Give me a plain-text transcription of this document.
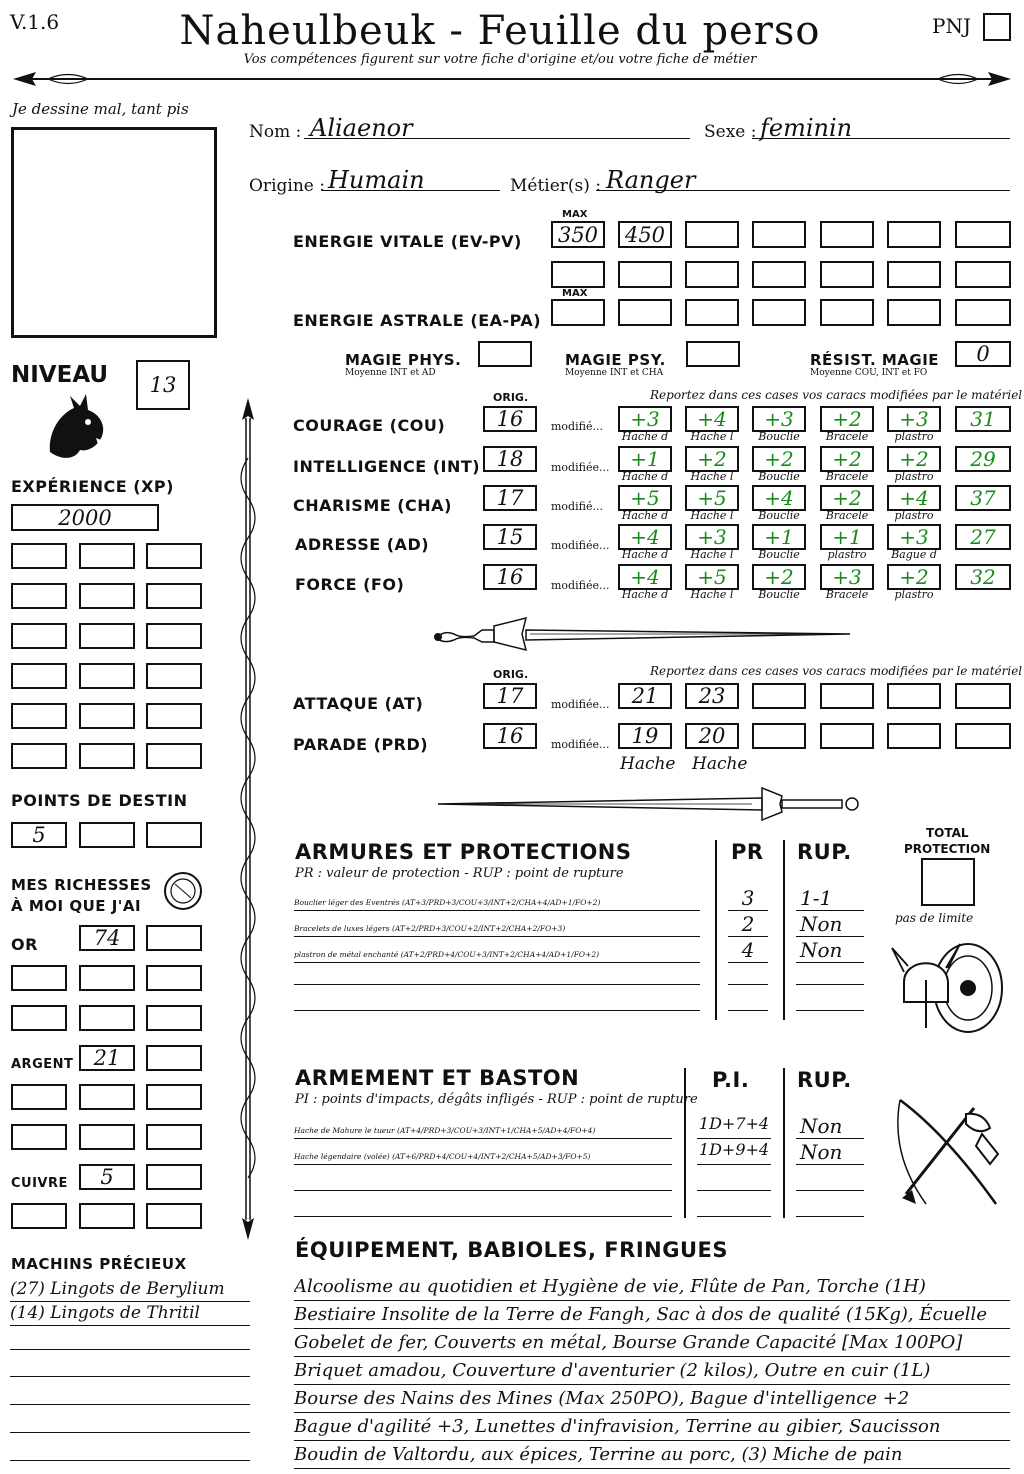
V.1.6	Naheulbeuk - Feuille du perso
Vos compétences figurent sur votre fiche d'origine et/ou votre fiche de métier
PNJ
Je dessine mal, tant pis
Nom : Aliaenor	Sexe : feminin
Origine : Humain	Métier(s) : Ranger
MAX
ENERGIE VITALE (EV-PV) 350 450
MAX
ENERGIE ASTRALE (EA-PA)
MAGIE PHYS.
Moyenne INT et AD
MAGIE PSY.
Moyenne INT et CHA
RÉSIST. MAGIE
Moyenne COU, INT et FO
0
NIVEAU	13
EXPÉRIENCE (XP)
2000
POINTS DE DESTIN
5
MES RICHESSES
À MOI QUE J'AI
OR	74
ARGENT 21
CUIVRE	5
MACHINS PRÉCIEUX
(27) Lingots de Berylium
(14) Lingots de Thritil
ORIG.	Reportez dans ces cases vos caracs modifiées par le matériel
COURAGE (COU)	16	modifié...	+3	+4	+3	+2	+3	31
Hache d	Hache l	Bouclie	Bracele	plastro
INTELLIGENCE (INT) 18	modifiée...	+1	+2	+2	+2	+2	29
Hache d	Hache l	Bouclie	Bracele	plastro
CHARISME (CHA)	17	modifié...	+5	+5	+4	+2	+4	37
Hache d	Hache l	Bouclie	Bracele	plastro
ADRESSE (AD)	15	modifiée...	+4	+3	+1	+1	+3	27
Hache d	Hache l	Bouclie	plastro	Bague d
FORCE (FO)	16	modifiée...	+4	+5	+2	+3	+2	32
Hache d	Hache l	Bouclie	Bracele	plastro
ORIG.	Reportez dans ces cases vos caracs modifiées par le matériel
ATTAQUE (AT)	17	modifiée...	21	23
PARADE (PRD)	16	modifiée...	19	20
Hache Hache
ARMURES ET PROTECTIONS
PR : valeur de protection - RUP : point de rupture
PR RUP.
Bouclier léger des Eventrés (AT+3/PRD+3/COU+3/INT+2/CHA+4/AD+1/FO+2)	3	1-1
Bracelets de luxes légers (AT+2/PRD+3/COU+2/INT+2/CHA+2/FO+3)	2	Non
plastron de métal enchanté (AT+2/PRD+4/COU+3/INT+2/CHA+4/AD+1/FO+2)	4	Non
TOTAL
PROTECTION
pas de limite
ARMEMENT ET BASTON
PI : points d'impacts, dégâts infligés - RUP : point de rupture
P.I. RUP.
Hache de Mahure le tueur (AT+4/PRD+3/COU+3/INT+1/CHA+5/AD+4/FO+4)	1D+7+4 Non
Hache légendaire (volée) (AT+6/PRD+4/COU+4/INT+2/CHA+5/AD+3/FO+5)	1D+9+4 Non
ÉQUIPEMENT, BABIOLES, FRINGUES
Alcoolisme au quotidien et Hygiène de vie, Flûte de Pan, Torche (1H)
Bestiaire Insolite de la Terre de Fangh, Sac à dos de qualité (15Kg), Écuelle
Gobelet de fer, Couverts en métal, Bourse Grande Capacité [Max 100PO]
Briquet amadou, Couverture d'aventurier (2 kilos), Outre en cuir (1L)
Bourse des Nains des Mines (Max 250PO), Bague d'intelligence +2
Bague d'agilité +3, Lunettes d'infravision, Terrine au gibier, Saucisson
Boudin de Valtordu, aux épices, Terrine au porc, (3) Miche de pain
